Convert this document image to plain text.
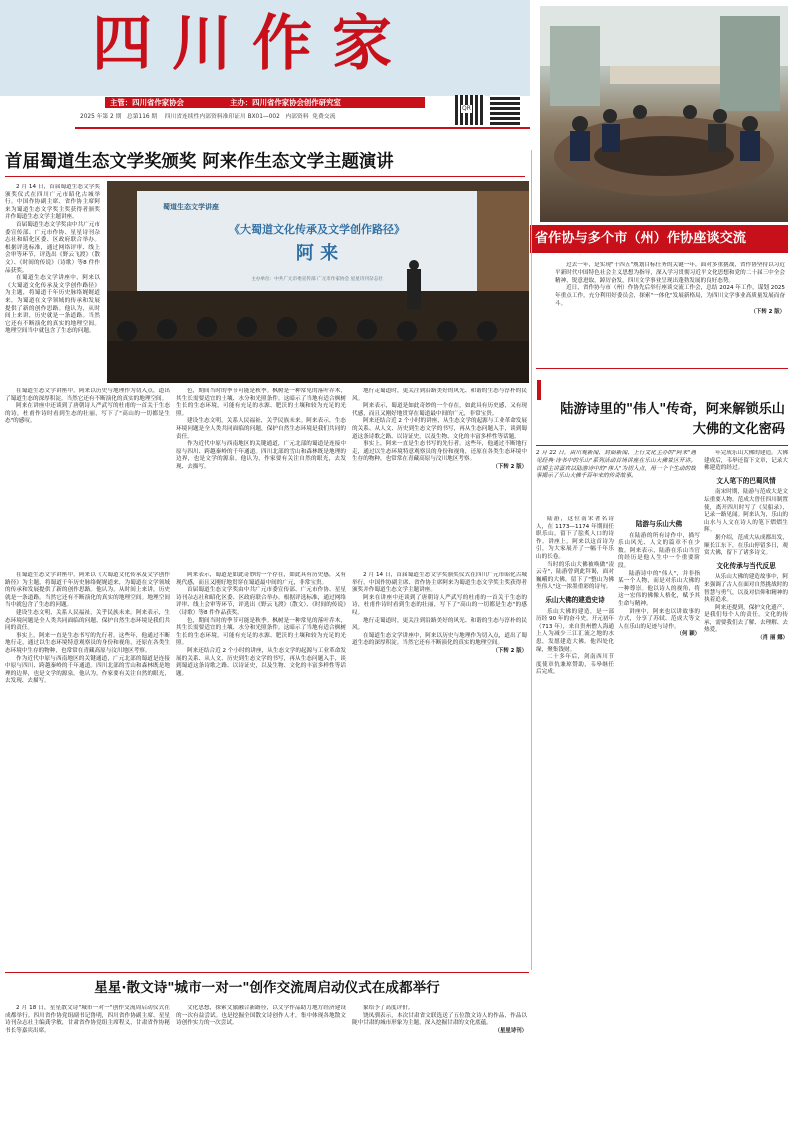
四川作家
主管：四川省作家协会	主办：四川省作家协会创作研究室
2025 年第 2 期 总第116 期 四川省连续性内部资料准印证川 BX01—002 内部资料 免费交流
QR
省作协与多个市（州）作协座谈交流

过去一年，是实现"十四五"规划目标任务的关键一年，面对多重挑战，省作协坚持以习近平新时代中国特色社会主义思想为指导，深入学习贯彻习近平文化思想和党的二十届三中全会精神，锐意进取，踔厉奋发，四川文学事业呈现出蓬勃发展的良好态势。

近日，省作协与市（州）作协先后举行座谈交流工作会，总结 2024 年工作，谋划 2025 年重点工作，充分利用好委员会，探索"一体化"发展新格局，为四川文学事业高质量发展而奋斗。

（下转 2 版）
首届蜀道生态文学奖颁奖 阿来作生态文学主题演讲
蜀道生态文学讲座
《大蜀道文化传承及文学创作路径》
阿 来
主办单位：中共广元市委宣传部 广元市作家协会 星星诗刊杂志社

2 月 14 日，首届蜀道生态文学奖颁奖仪式在四川广元市昭化古城举行。中国作协副主席、省作协主席阿来为蜀道生态文学奖主奖获得者颁奖并作蜀道生态文学主题讲座。

首届蜀道生态文学奖由中共广元市委宣传部、广元市作协、星星诗刊杂志社和昭化区委、区政府联合举办。根据评选标准，通过网络评审、线上会审等环节，评选出《野云飞渡》（散文）、《时间的传说》（诗歌）等8 件作品获奖。

在蜀道生态文学讲座中，阿来以《大蜀道文化传承及文学创作路径》为主题，将蜀道千年历史脉络娓娓道来，为蜀道在文学领域的传承和发展提供了新的创作思路。他认为，从时间上来讲，历史就是一条道路。当然它还有不断演化的真实的地理空间。地理空间当中就包含了生态的问题。

在蜀道生态文学讲座中，阿来以历史与地理作为切入点，道出了蜀道生态的深厚积淀。当然它还有不断演化的真实的地理空间。

阿来在讲座中还谈到了唐朝诗人严武写的杜甫的一首关于生态的诗，杜甫作诗时看到生态的壮丽，写下了"高山的一切都是生态"的感叹。

色，期间当时的季节可能是秋季。枫树是一种常见的落叶乔木，其生长需要适宜的土壤、水分和光照条件。这暗示了当地有适合枫树生长的生态环境，可能有充足的水源、肥沃的土壤和较为充足的光照。

建设生态文明，关系人民福祉，关乎民族未来。阿来表示，生态环境问题是全人类共同面临的问题，保护自然生态环境是我们共同的责任。

作为近代中原与西南地区的关键通道，广元北部的蜀道是连接中原与四川、跨越秦岭的千年通道。四川北部的雪山和森林既是地理的边界，也是文学的源泉。他认为，作家要有关注自然的眼光，去发现、去描写。

地行走蜀道时，更关注到沿路美好的风光、和谐的生态与淳朴的民风。

阿来表示，蜀道是如此奇妙的一个存在，如此具有历史感，又有现代感，而且又刚好地贯穿在蜀道最中间的广元，非常宝贵。

阿来还结合近 2 个小时的讲座，从生态文学的起源与工业革命发展的关系、从人文、历史到生态文学的书写，再从生态问题入手，谈到蜀道这条诗歌之路、以诗证史，以及生物、文化的丰富多样性等话题。

事实上，阿来一直是生态书写的先行者。这些年，他通过不断地行走，通过以生态环境特意观察员的身份和视角，还原在各类生态环境中生存的物种，也常常在青藏高原与汶川地区考察。

（下转 2 版）

在蜀道生态文学讲座中，阿来以《大蜀道文化传承及文学创作路径》为主题，将蜀道千年历史脉络娓娓道来，为蜀道在文学领域的传承和发展提供了新的创作思路。他认为，从时间上来讲，历史就是一条道路。当然它还有不断演化的真实的地理空间。地理空间当中就包含了生态的问题。

建设生态文明，关系人民福祉，关乎民族未来。阿来表示，生态环境问题是全人类共同面临的问题，保护自然生态环境是我们共同的责任。

事实上，阿来一直是生态书写的先行者。这些年，他通过不断地行走，通过以生态环境特意观察员的身份和视角，还原在各类生态环境中生存的物种，也常常在青藏高原与汶川地区考察。

作为近代中原与西南地区的关键通道，广元北部的蜀道是连接中原与四川、跨越秦岭的千年通道。四川北部的雪山和森林既是地理的边界，也是文学的源泉。他认为，作家要有关注自然的眼光，去发现、去描写。

阿来表示，蜀道是如此奇妙的一个存在，如此具有历史感，又有现代感，而且又刚好地贯穿在蜀道最中间的广元，非常宝贵。

首届蜀道生态文学奖由中共广元市委宣传部、广元市作协、星星诗刊杂志社和昭化区委、区政府联合举办。根据评选标准，通过网络评审、线上会审等环节，评选出《野云飞渡》（散文）、《时间的传说》（诗歌）等8 件作品获奖。

色，期间当时的季节可能是秋季。枫树是一种常见的落叶乔木，其生长需要适宜的土壤、水分和光照条件。这暗示了当地有适合枫树生长的生态环境，可能有充足的水源、肥沃的土壤和较为充足的光照。

阿来还结合近 2 个小时的讲座，从生态文学的起源与工业革命发展的关系、从人文、历史到生态文学的书写，再从生态问题入手，谈到蜀道这条诗歌之路、以诗证史，以及生物、文化的丰富多样性等话题。

2 月 14 日，首届蜀道生态文学奖颁奖仪式在四川广元市昭化古城举行。中国作协副主席、省作协主席阿来为蜀道生态文学奖主奖获得者颁奖并作蜀道生态文学主题讲座。

阿来在讲座中还谈到了唐朝诗人严武写的杜甫的一首关于生态的诗，杜甫作诗时看到生态的壮丽，写下了"高山的一切都是生态"的感叹。

地行走蜀道时，更关注到沿路美好的风光、和谐的生态与淳朴的民风。

在蜀道生态文学讲座中，阿来以历史与地理作为切入点，道出了蜀道生态的深厚积淀。当然它还有不断演化的真实的地理空间。

（下转 2 版）
陆游诗里的"伟人"传奇，阿来解锁乐山大佛的文化密码
2 月 22 日，由川观新闻、封面新闻、上行文化主办的"阿来"遇见经典·诗书中的乐山"系列活动首场讲座在乐山大佛景区开讲。首期主讲嘉宾以陆游诗中的"伟人"为切入点，用一个个生动的故事揭示了乐山大佛千百年来的传奇故事。

陆游，这位南宋著名诗人，在 1173—1174 年期间任职乐山，留下了脍炙人口的诗作。讲座上，阿来以这首诗为引，为大家展开了一幅千年乐山的长卷。

当时的乐山大佛被唤做"凌云寺"，陆游曾到此拜谒，面对巍峨的大佛，留下了"整山为佛坐伟人"这一浓墨重彩的诗句。

乐山大佛的建造史诗

乐山大佛的建造，是一部历经 90 年的奋斗史。开元初年（713 年），来自贵州僧人海通上人为减少三江汇流之地的水患，发愿建造大佛。他四处化缘，聚集钱财。

二十多年后，剑南西川节度使章仇兼琼赞助，韦皋继任后完成。

陆游与乐山大佛

在陆游的所有诗作中，描写乐山风光、人文的篇章不在少数。阿来表示，陆游在乐山当官的经历是他人生中一个重要阶段。

陆游诗中的"伟人"，并非指某一个人物，而是对乐山大佛的一种尊崇。他以诗人的视角，将这一宏伟的佛像人格化，赋予其生命与精神。

讲座中，阿来也以讲故事的方式，分享了苏轼、范成大等文人在乐山的足迹与诗作。

（何 颖）

年完成乐山大佛的建造。大佛建成后，韦皋还留下文章，记录大佛建造的经过。

文人笔下的巴蜀风情

南宋时期，陆游与范成大是文坛重要人物。范成大曾任四川制置使，离开四川时写了《吴船录》，记录一路见闻。阿来认为，乐山的山水与人文在诗人的笔下熠熠生辉。

据介绍，范成大从成都出发，顺长江东下，在乐山停留多日，观赏大佛，留下了诸多诗文。

文化传承与当代反思

从乐山大佛的建造故事中，阿来强调了古人在面对自然挑战时的智慧与勇气，以及对信仰和精神的执着追求。

阿来还提到，保护文化遗产，是我们每个人的责任。文化的传承，需要我们去了解、去理解、去热爱。

（肖 丽 娜）
星星·散文诗"城市一对一"创作交流周启动仪式在成都举行

2 月 18 日，星星散文诗"城市一对一"创作交流周启动仪式在成都举行。四川省作协党组副书记鲁明，四川省作协副主席、星星诗刊杂志社主编龚学敏，甘肃省作协党组主席程义，甘肃省作协秘书长等嘉宾出席。

文化思想，探索文旅融合新路径，以文学作品助力地方经济建设的一次有益尝试。也是挖掘全国散文诗创作人才，集中体现各地散文诗创作实力的一次尝试。

象给予了高度评价。

饶凤驯表示，本次甘肃省文联选送了五位散文诗人的作品，作品以陇中甘肃的城市形象为主题，深入挖掘甘肃的文化底蕴。

（星星诗刊）
